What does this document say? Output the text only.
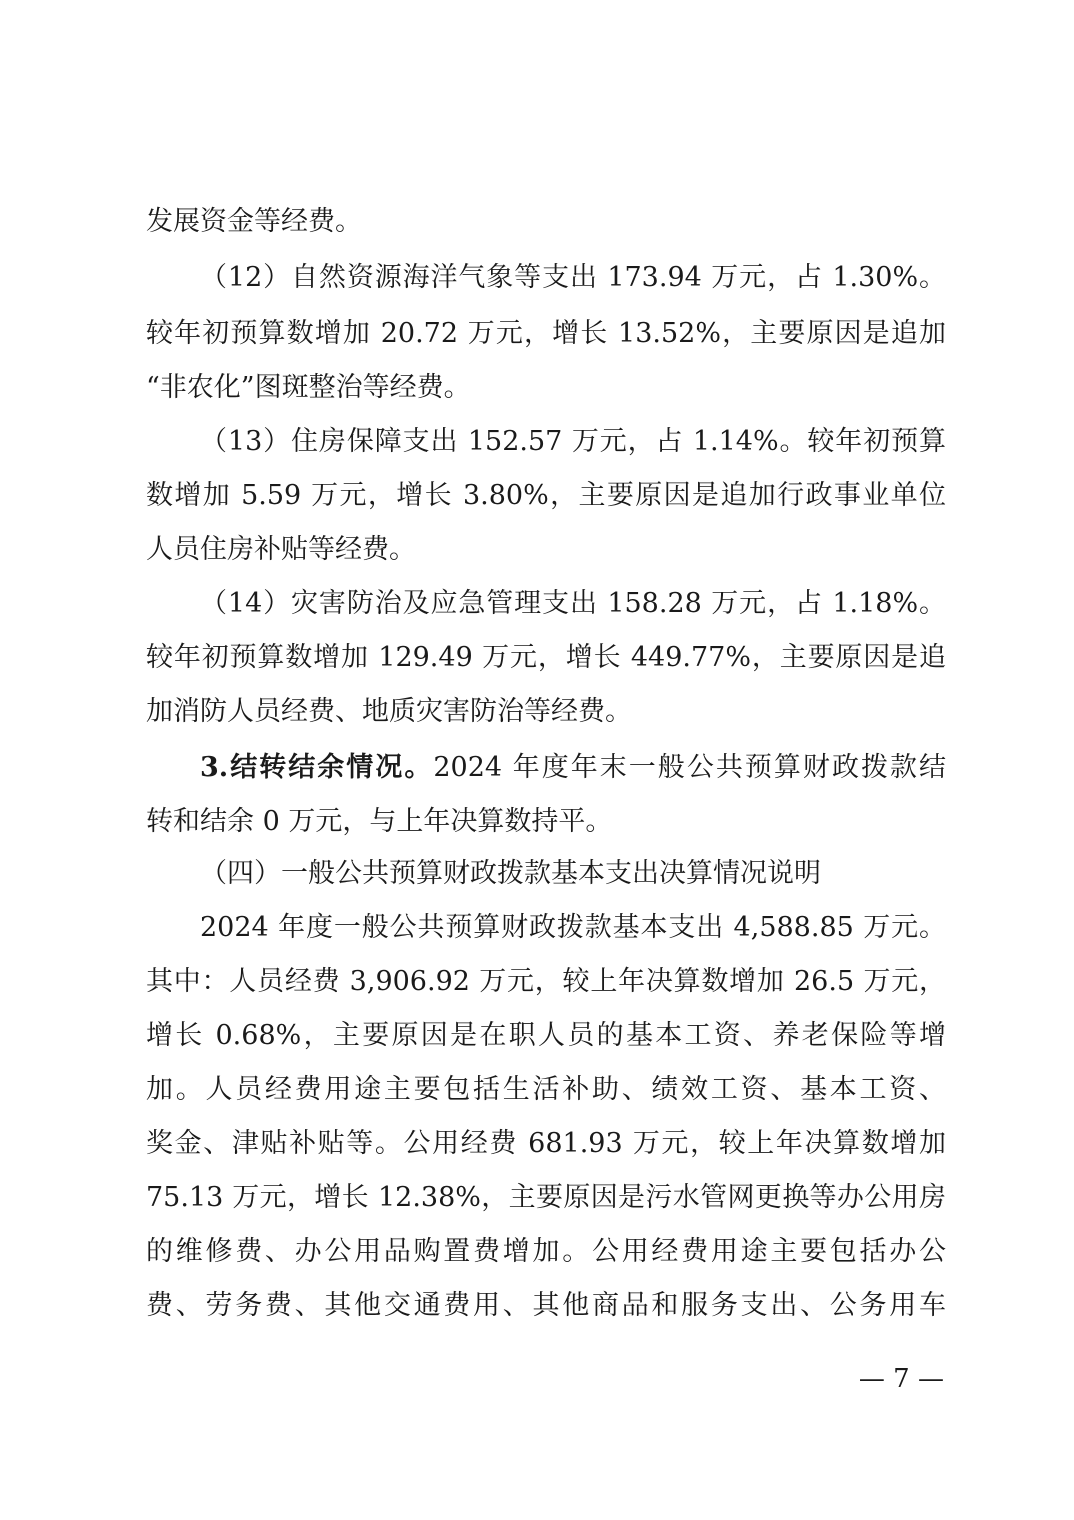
发展资金等经费。
（12）自然资源海洋气象等支出 173.94 万元，占 1.30%。
较年初预算数增加 20.72 万元，增长 13.52%，主要原因是追加
“非农化”图斑整治等经费。
（13）住房保障支出 152.57 万元，占 1.14%。较年初预算
数增加 5.59 万元，增长 3.80%，主要原因是追加行政事业单位
人员住房补贴等经费。
（14）灾害防治及应急管理支出 158.28 万元，占 1.18%。
较年初预算数增加 129.49 万元，增长 449.77%，主要原因是追
加消防人员经费、地质灾害防治等经费。
3.结转结余情况。2024 年度年末一般公共预算财政拨款结
转和结余 0 万元，与上年决算数持平。
（四）一般公共预算财政拨款基本支出决算情况说明
2024 年度一般公共预算财政拨款基本支出 4,588.85 万元。
其中：人员经费 3,906.92 万元，较上年决算数增加 26.5 万元，
增长 0.68%，主要原因是在职人员的基本工资、养老保险等增
加。人员经费用途主要包括生活补助、绩效工资、基本工资、
奖金、津贴补贴等。公用经费 681.93 万元，较上年决算数增加
75.13 万元，增长 12.38%，主要原因是污水管网更换等办公用房
的维修费、办公用品购置费增加。公用经费用途主要包括办公
费、劳务费、其他交通费用、其他商品和服务支出、公务用车
— 7 —
